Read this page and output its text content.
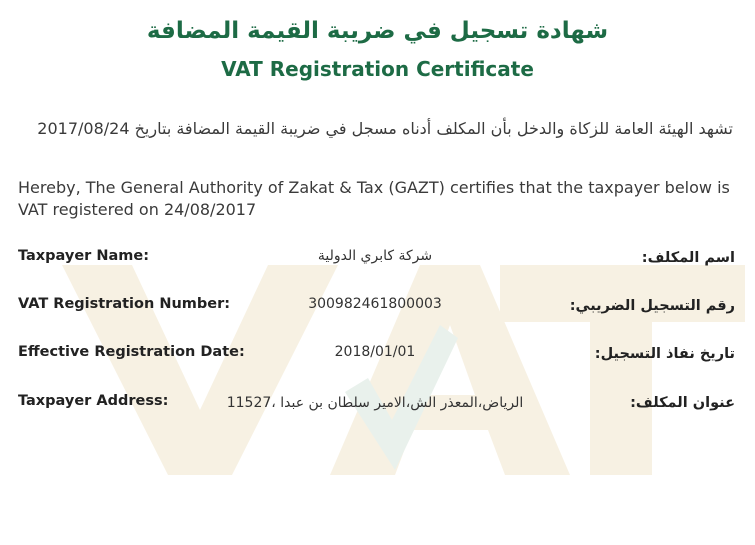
شهادة تسجيل في ضريبة القيمة المضافة
VAT Registration Certificate
تشهد الهيئة العامة للزكاة والدخل بأن المكلف أدناه مسجل في ضريبة القيمة المضافة بتاريخ 2017/08/24
Hereby, The General Authority of Zakat & Tax (GAZT) certifies that the taxpayer below is VAT registered on 24/08/2017
Taxpayer Name:	شركة كابري الدولية	اسم المكلف:
VAT Registration Number:	300982461800003	رقم التسجيل الضريبي:
Effective Registration Date:	2018/01/01	تاريخ نفاذ التسجيل:
Taxpayer Address:	الرياض،المعذر الش،الامير سلطان بن عبدا ،11527	عنوان المكلف:
